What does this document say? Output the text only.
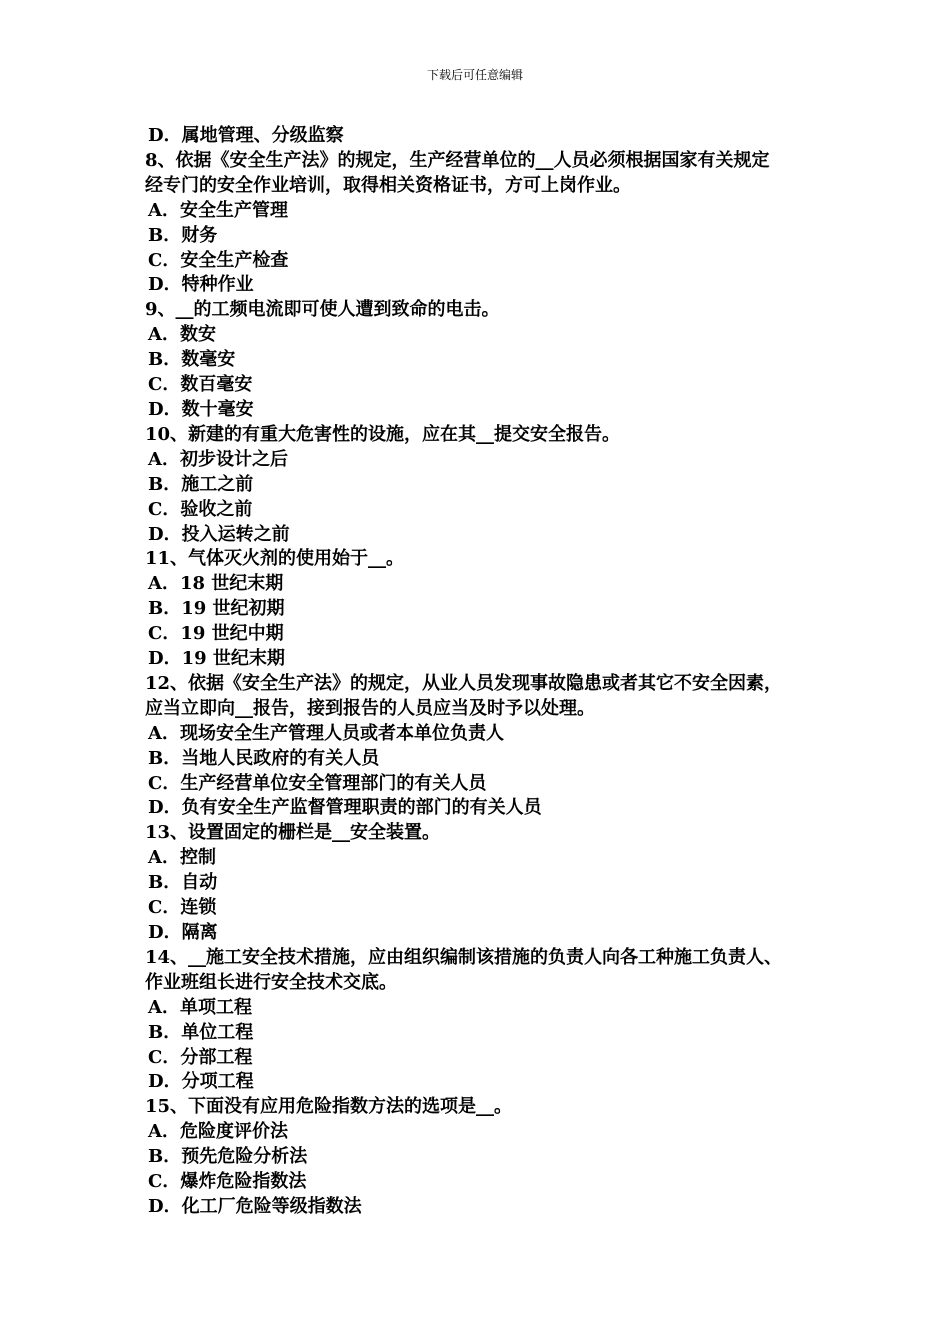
下载后可任意编辑
D．属地管理、分级监察
8、依据《安全生产法》的规定，生产经营单位的__人员必须根据国家有关规定
经专门的安全作业培训，取得相关资格证书，方可上岗作业。
A．安全生产管理
B．财务
C．安全生产检查
D．特种作业
9、__的工频电流即可使人遭到致命的电击。
A．数安
B．数毫安
C．数百毫安
D．数十毫安
10、新建的有重大危害性的设施，应在其__提交安全报告。
A．初步设计之后
B．施工之前
C．验收之前
D．投入运转之前
11、气体灭火剂的使用始于__。
A．18 世纪末期
B．19 世纪初期
C．19 世纪中期
D．19 世纪末期
12、依据《安全生产法》的规定，从业人员发现事故隐患或者其它不安全因素，
应当立即向__报告，接到报告的人员应当及时予以处理。
A．现场安全生产管理人员或者本单位负责人
B．当地人民政府的有关人员
C．生产经营单位安全管理部门的有关人员
D．负有安全生产监督管理职责的部门的有关人员
13、设置固定的栅栏是__安全装置。
A．控制
B．自动
C．连锁
D．隔离
14、__施工安全技术措施，应由组织编制该措施的负责人向各工种施工负责人、
作业班组长进行安全技术交底。
A．单项工程
B．单位工程
C．分部工程
D．分项工程
15、下面没有应用危险指数方法的选项是__。
A．危险度评价法
B．预先危险分析法
C．爆炸危险指数法
D．化工厂危险等级指数法
